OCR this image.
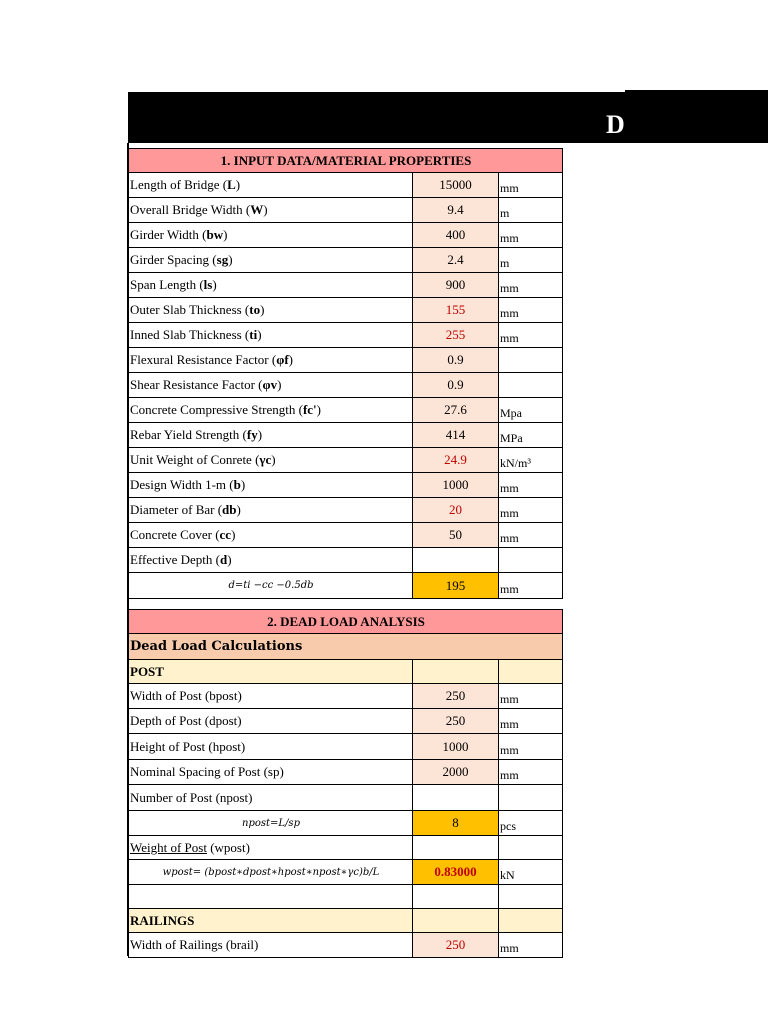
D
1. INPUT DATA/MATERIAL PROPERTIES		
Length of Bridge (L)	15000	mm
Overall Bridge Width (W)	9.4	m
Girder Width (bw)	400	mm
Girder Spacing (sg)	2.4	m
Span Length (ls)	900	mm
Outer Slab Thickness (to)	155	mm
Inned Slab Thickness (ti)	255	mm
Flexural Resistance Factor (φf)	0.9	
Shear Resistance Factor (φv)	0.9	
Concrete Compressive Strength (fc')	27.6	Mpa
Rebar Yield Strength (fy)	414	MPa
Unit Weight of Conrete (γc)	24.9	kN/m³
Design Width 1-m (b)	1000	mm
Diameter of Bar (db)	20	mm
Concrete Cover (cc)	50	mm
Effective Depth (d)		
d=ti −cc −0.5db	195	mm
2. DEAD LOAD ANALYSIS		
Dead Load Calculations		
POST		
Width of Post (bpost)	250	mm
Depth of Post (dpost)	250	mm
Height of Post (hpost)	1000	mm
Nominal Spacing of Post (sp)	2000	mm
Number of Post (npost)		
npost=L/sp	8	pcs
Weight of Post (wpost)		
wpost= (bpost∗dpost∗hpost∗npost∗γc)b/L	0.83000	kN

RAILINGS		
Width of Railings (brail)	250	mm
